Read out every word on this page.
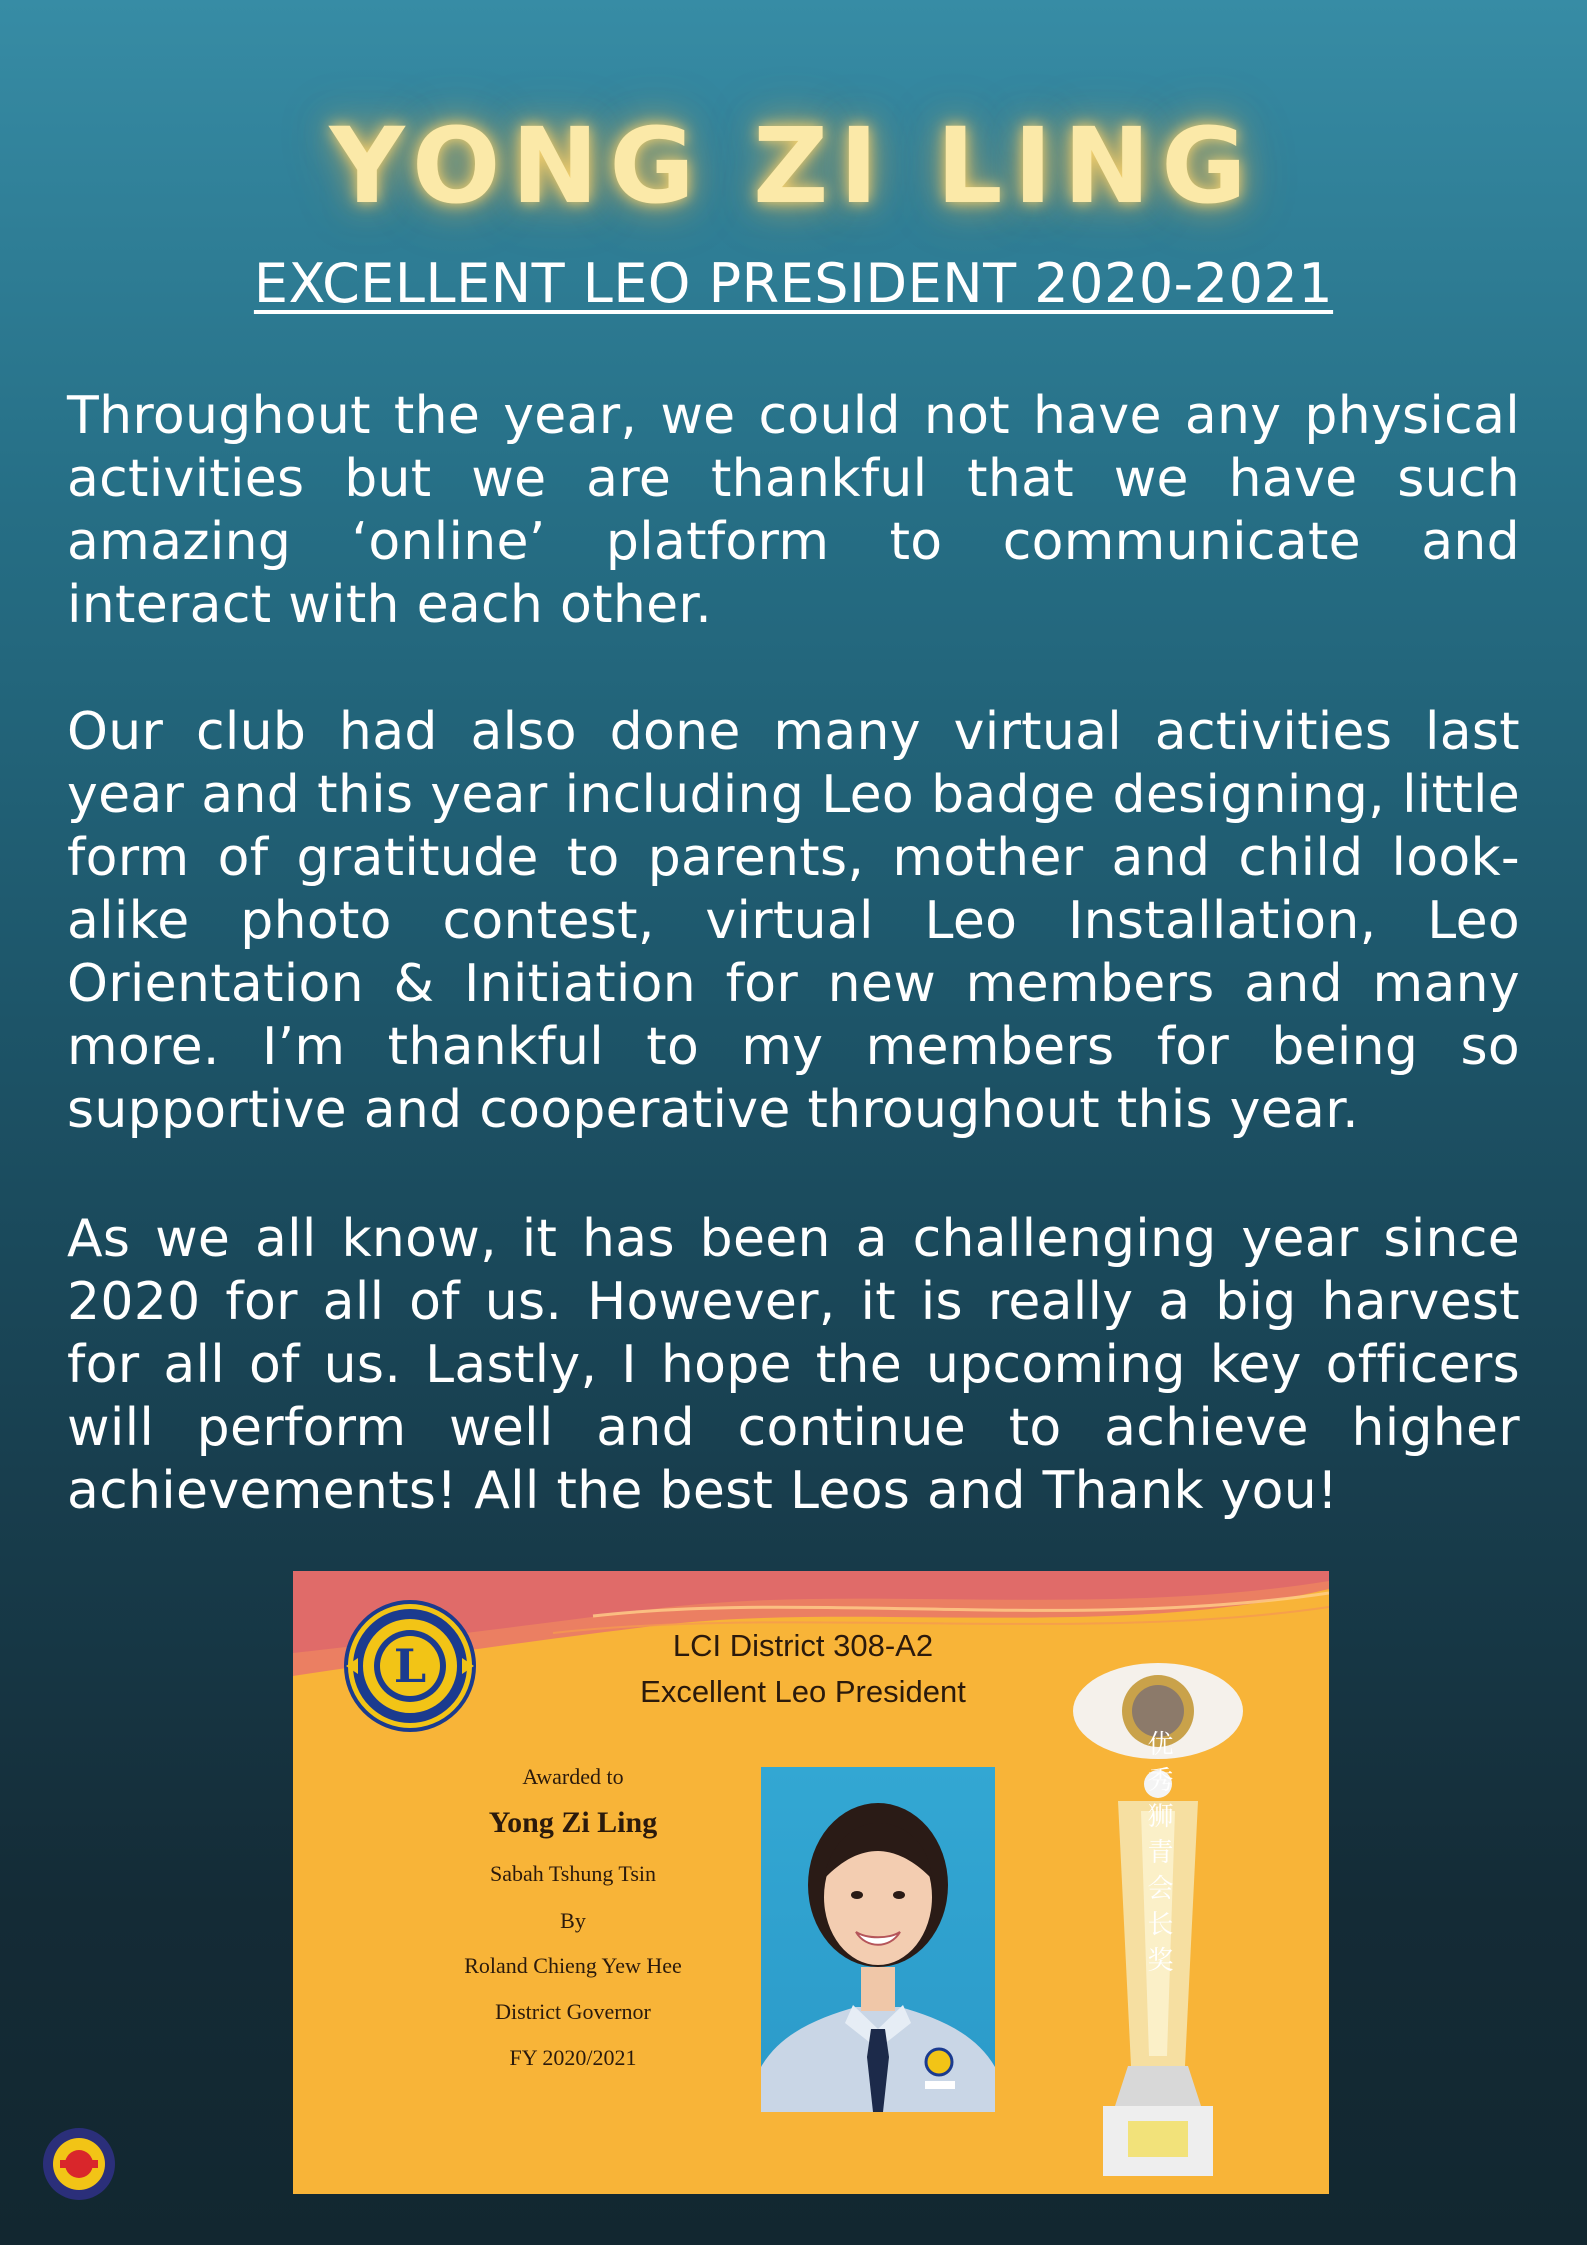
YONG ZI LING
EXCELLENT LEO PRESIDENT 2020-2021

Throughout the year, we could not have any physical activities but we are thankful that we have such amazing ‘online’ platform to communicate and interact with each other.

Our club had also done many virtual activities last year and this year including Leo badge designing, little form of gratitude to parents, mother and child look-alike photo contest, virtual Leo Installation, Leo Orientation & Initiation for new members and many more. I’m thankful to my members for being so supportive and cooperative throughout this year.

As we all know, it has been a challenging year since 2020 for all of us. However, it is really a big harvest for all of us. Lastly, I hope the upcoming key officers will perform well and continue to achieve higher achievements! All the best Leos and Thank you!

L	LCI District 308-A2
Excellent Leo President
Awarded to
Yong Zi Ling
Sabah Tshung Tsin
By
Roland Chieng Yew Hee
District Governor
FY 2020/2021
优秀狮青会长奖
